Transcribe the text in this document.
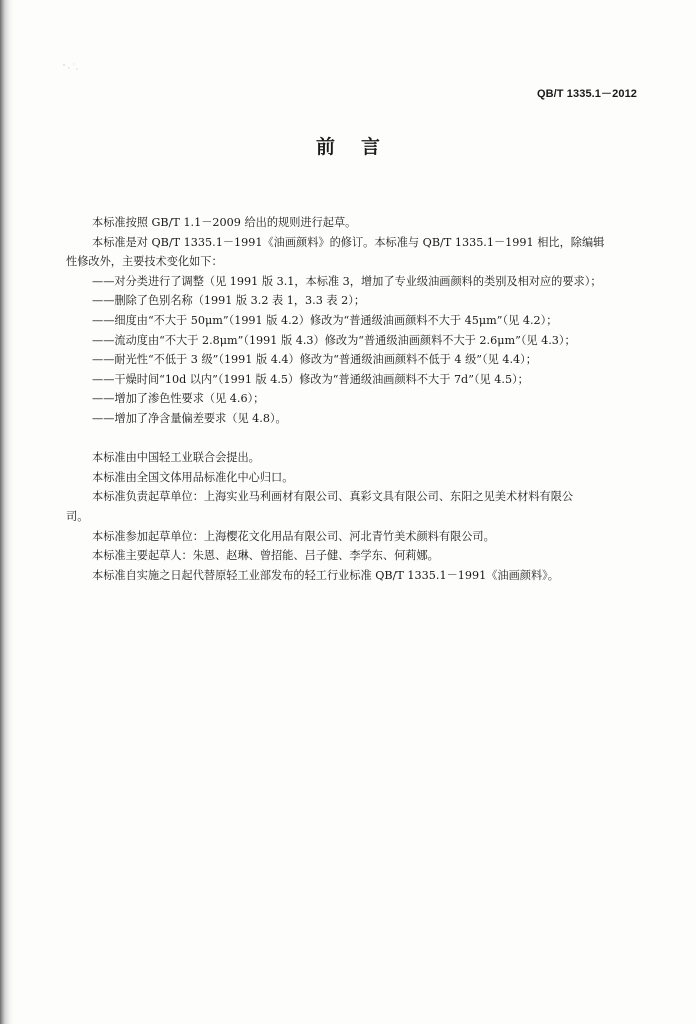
QB/T 1335.1－2012
前言
本标准按照 GB/T 1.1－2009 给出的规则进行起草。
本标准是对 QB/T 1335.1－1991《油画颜料》的修订。本标准与 QB/T 1335.1－1991 相比，除编辑
性修改外，主要技术变化如下：
——对分类进行了调整（见 1991 版 3.1，本标准 3，增加了专业级油画颜料的类别及相对应的要求）；
——删除了色别名称（1991 版 3.2 表 1，3.3 表 2）；
——细度由“不大于 50μm”（1991 版 4.2）修改为“普通级油画颜料不大于 45μm”（见 4.2）；
——流动度由“不大于 2.8μm”（1991 版 4.3）修改为“普通级油画颜料不大于 2.6μm”（见 4.3）；
——耐光性“不低于 3 级”（1991 版 4.4）修改为“普通级油画颜料不低于 4 级”（见 4.4）；
——干燥时间“10d 以内”（1991 版 4.5）修改为“普通级油画颜料不大于 7d”（见 4.5）；
——增加了渗色性要求（见 4.6）；
——增加了净含量偏差要求（见 4.8）。
本标准由中国轻工业联合会提出。
本标准由全国文体用品标准化中心归口。
本标准负责起草单位：上海实业马利画材有限公司、真彩文具有限公司、东阳之见美术材料有限公
司。
本标准参加起草单位：上海樱花文化用品有限公司、河北青竹美术颜料有限公司。
本标准主要起草人：朱恩、赵琳、曾招能、吕子健、李学东、何莉娜。
本标准自实施之日起代替原轻工业部发布的轻工行业标准 QB/T 1335.1－1991《油画颜料》。
